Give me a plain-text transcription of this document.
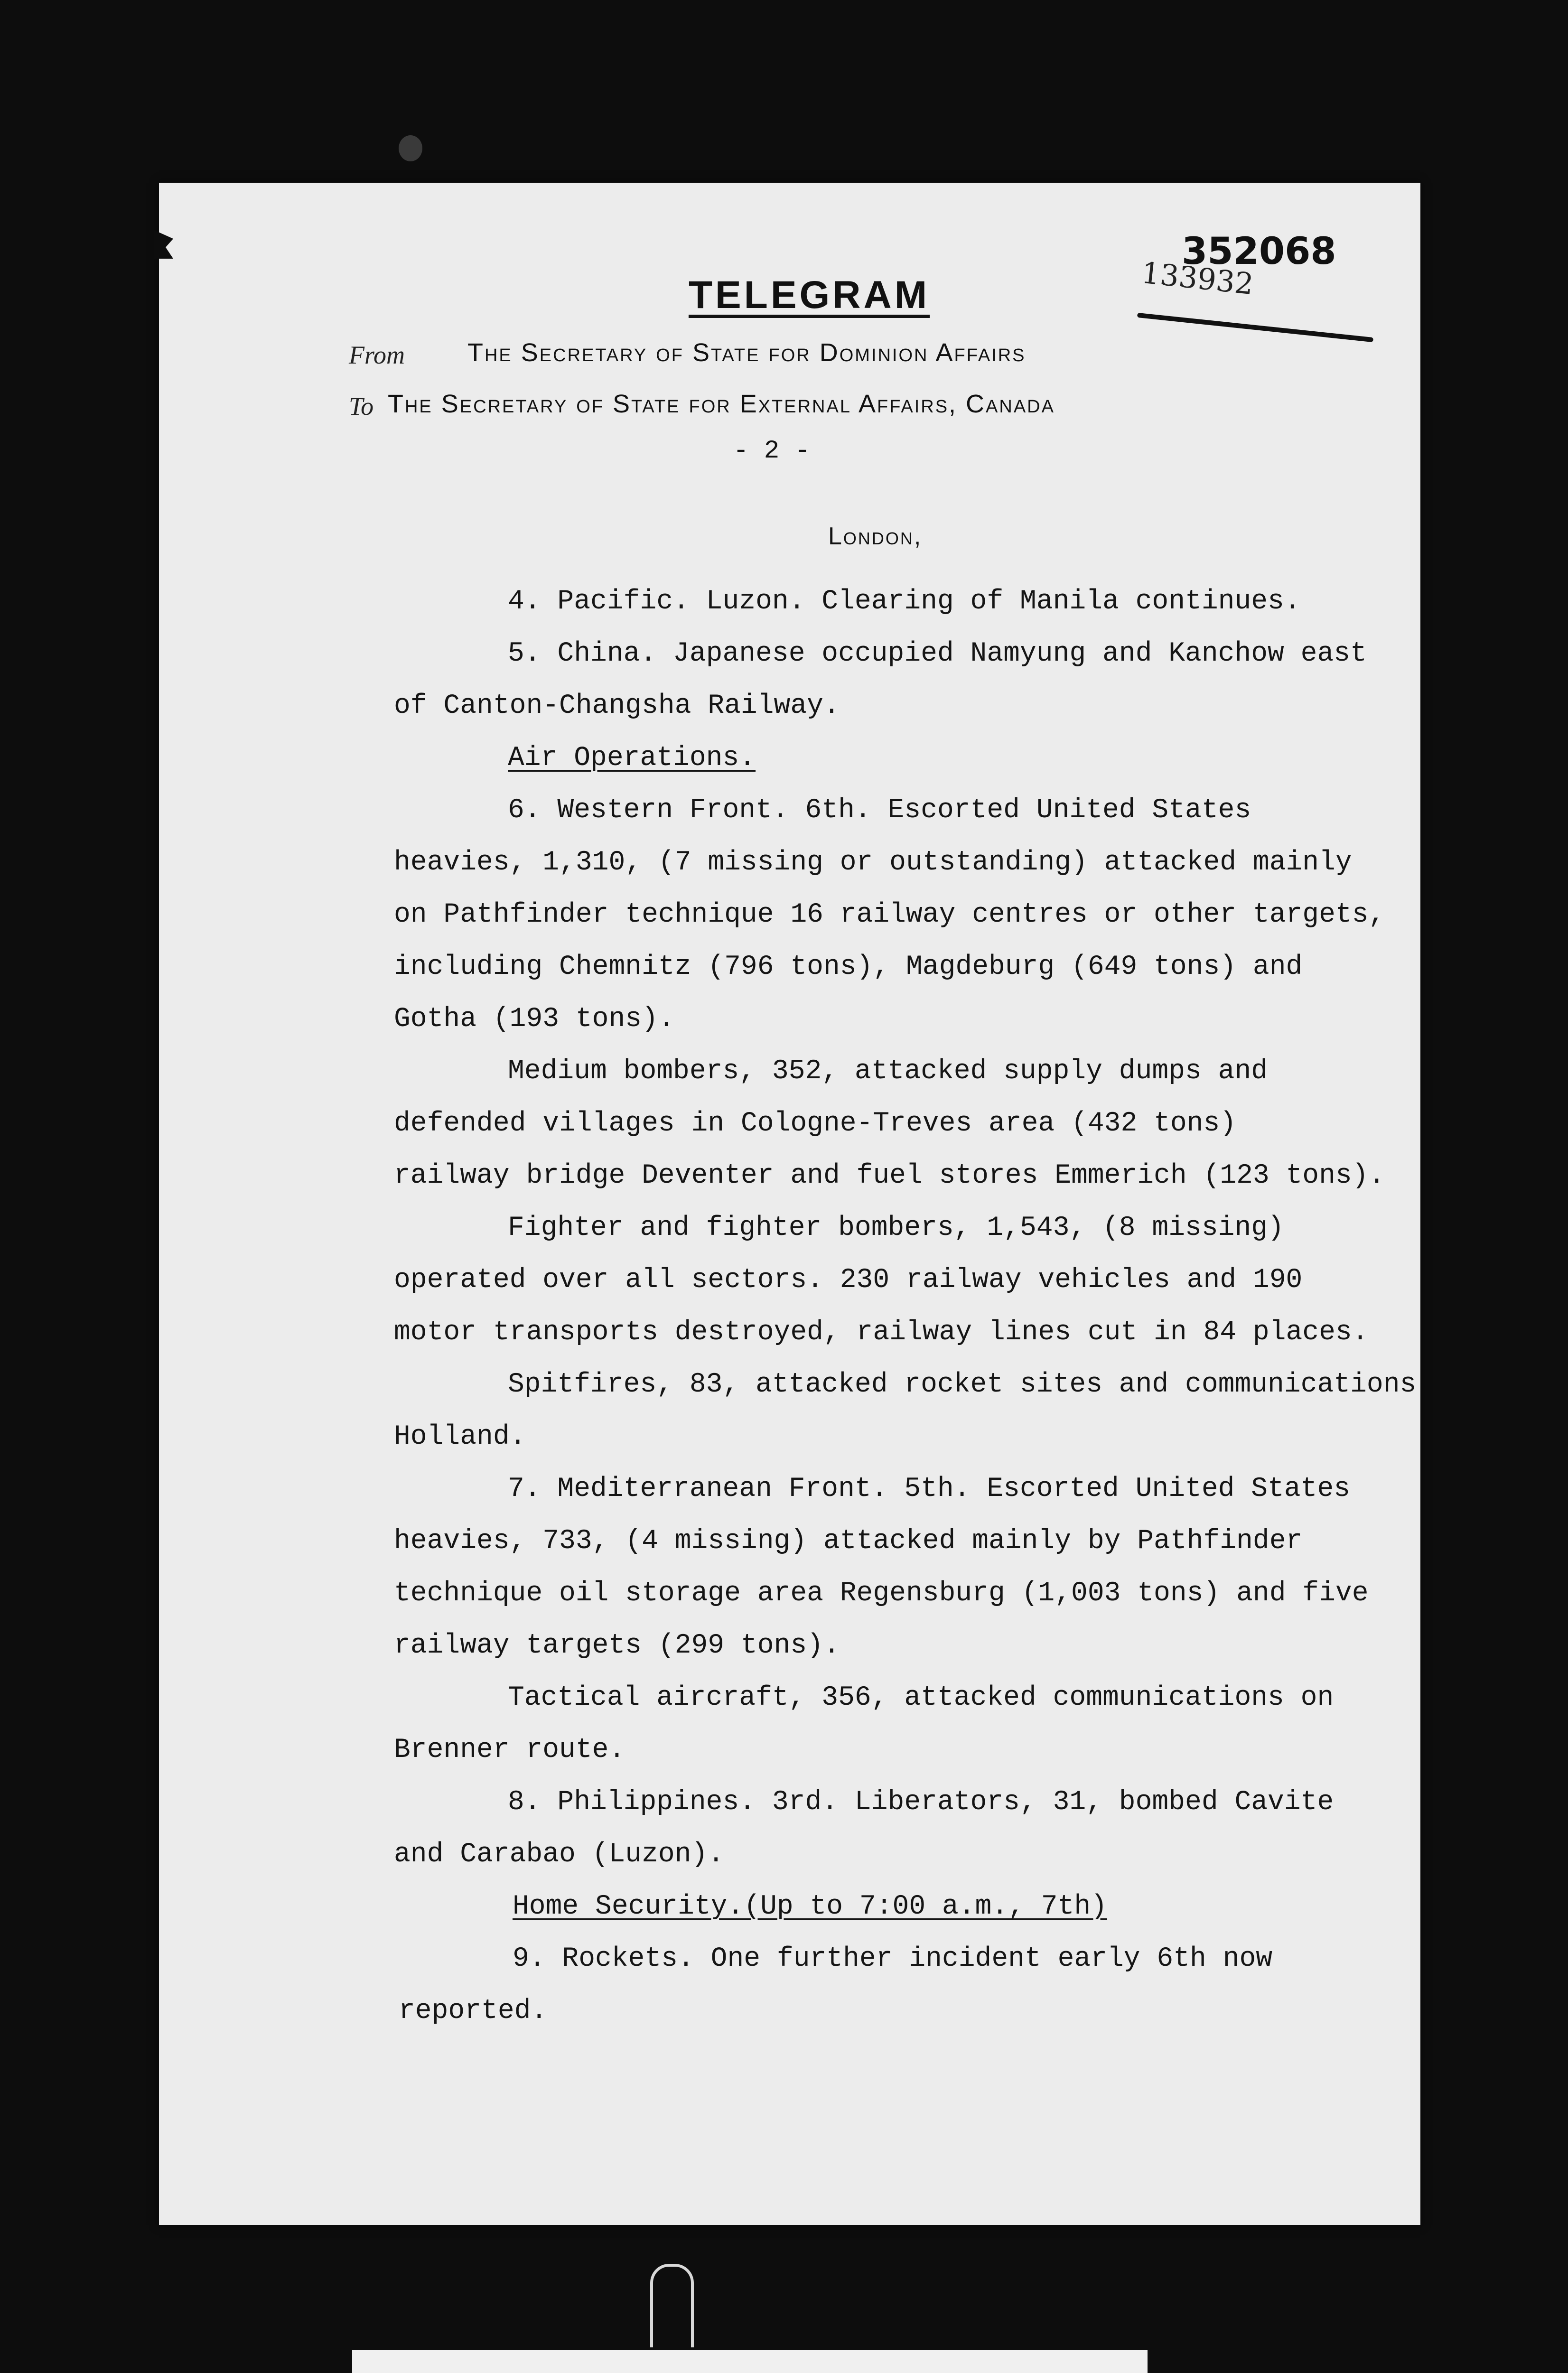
133932
352068
TELEGRAM
From The Secretary of State for Dominion Affairs
To The Secretary of State for External Affairs, Canada
- 2 -
London,
4. Pacific. Luzon. Clearing of Manila continues.
5. China. Japanese occupied Namyung and Kanchow east
of Canton-Changsha Railway.
Air Operations.
6. Western Front. 6th. Escorted United States
heavies, 1,310, (7 missing or outstanding) attacked mainly
on Pathfinder technique 16 railway centres or other targets,
including Chemnitz (796 tons), Magdeburg (649 tons) and
Gotha (193 tons).
Medium bombers, 352, attacked supply dumps and
defended villages in Cologne-Treves area (432 tons)
railway bridge Deventer and fuel stores Emmerich (123 tons).
Fighter and fighter bombers, 1,543, (8 missing)
operated over all sectors. 230 railway vehicles and 190
motor transports destroyed, railway lines cut in 84 places.
Spitfires, 83, attacked rocket sites and communications
Holland.
7. Mediterranean Front. 5th. Escorted United States
heavies, 733, (4 missing) attacked mainly by Pathfinder
technique oil storage area Regensburg (1,003 tons) and five
railway targets (299 tons).
Tactical aircraft, 356, attacked communications on
Brenner route.
8. Philippines. 3rd. Liberators, 31, bombed Cavite
and Carabao (Luzon).
Home Security.(Up to 7:00 a.m., 7th)
9. Rockets. One further incident early 6th now
reported.
